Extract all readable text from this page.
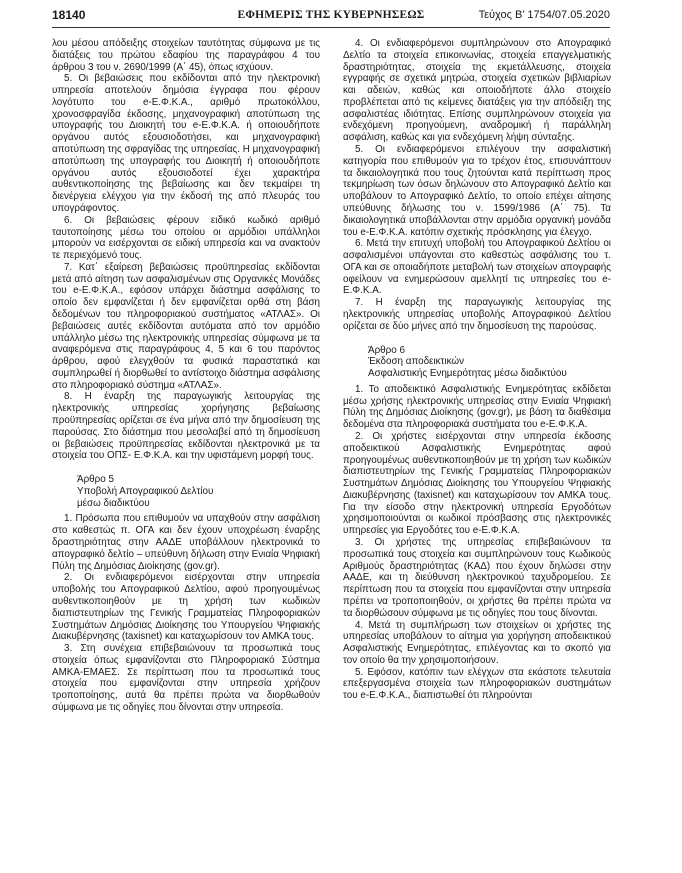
18140	ΕΦΗΜΕΡΙΣ ΤΗΣ ΚΥΒΕΡΝΗΣΕΩΣ	Τεύχος Β’ 1754/07.05.2020

λου μέσου απόδειξης στοιχείων ταυτότητας σύμφωνα με τις διατάξεις του πρώτου εδαφίου της παραγράφου 4 του άρθρου 3 του ν. 2690/1999 (Α΄ 45), όπως ισχύουν.

5. Οι βεβαιώσεις που εκδίδονται από την ηλεκτρονική υπηρεσία αποτελούν δημόσια έγγραφα που φέρουν λογότυπο του e-Ε.Φ.Κ.Α., αριθμό πρωτοκόλλου, χρονοσφραγίδα έκδοσης, μηχανογραφική αποτύπωση της υπογραφής του Διοικητή του e-Ε.Φ.Κ.Α. ή οποιουδήποτε οργάνου αυτός εξουσιοδοτήσει, και μηχανογραφική αποτύπωση της σφραγίδας της υπηρεσίας. Η μηχανογραφική αποτύπωση της υπογραφής του Διοικητή ή οποιουδήποτε οργάνου αυτός εξουσιοδοτεί έχει χαρακτήρα αυθεντικοποίησης της βεβαίωσης και δεν τεκμαίρει τη διενέργεια ελέγχου για την έκδοσή της από πλευράς του υπογράφοντος.

6. Οι βεβαιώσεις φέρουν ειδικό κωδικό αριθμό ταυτοποίησης μέσω του οποίου οι αρμόδιοι υπάλληλοι μπορούν να εισέρχονται σε ειδική υπηρεσία και να ανακτούν τε περιεχόμενό τους.

7. Κατ΄ εξαίρεση βεβαιώσεις προϋπηρεσίας εκδίδονται μετά από αίτηση των ασφαλισμένων στις Οργανικές Μονάδες του e-Ε.Φ.Κ.Α., εφόσον υπάρχει διάστημα ασφάλισης το οποίο δεν εμφανίζεται ή δεν εμφανίζεται ορθά στη βάση δεδομένων του πληροφοριακού συστήματος «ΑΤΛΑΣ». Οι βεβαιώσεις αυτές εκδίδονται αυτόματα από τον αρμόδιο υπάλληλο μέσω της ηλεκτρονικής υπηρεσίας σύμφωνα με τα αναφερόμενα στις παραγράφους 4, 5 και 6 του παρόντος άρθρου, αφού ελεγχθούν τα φυσικά παραστατικά και συμπληρωθεί ή διορθωθεί το αντίστοιχο διάστημα ασφάλισης στο πληροφοριακό σύστημα «ΑΤΛΑΣ».

8. Η έναρξη της παραγωγικής λειτουργίας της ηλεκτρονικής υπηρεσίας χορήγησης βεβαίωσης προϋπηρεσίας ορίζεται σε ένα μήνα από την δημοσίευση της παρούσας. Στο διάστημα που μεσολαβεί από τη δημοσίευση οι βεβαιώσεις προϋπηρεσίας εκδίδονται ηλεκτρονικά με τα στοιχεία του ΟΠΣ- Ε.Φ.Κ.Α. και την υφιστάμενη μορφή τους.

Άρθρο 5
Υποβολή Απογραφικού Δελτίου
μέσω διαδικτύου

1. Πρόσωπα που επιθυμούν να υπαχθούν στην ασφάλιση στο καθεστώς π. ΟΓΑ και δεν έχουν υποχρέωση έναρξης δραστηριότητας στην ΑΑΔΕ υποβάλλουν ηλεκτρονικά το απογραφικό δελτίο – υπεύθυνη δήλωση στην Ενιαία Ψηφιακή Πύλη της Δημόσιας Διοίκησης (gov.gr).

2. Οι ενδιαφερόμενοι εισέρχονται στην υπηρεσία υποβολής του Απογραφικού Δελτίου, αφού προηγουμένως αυθεντικοποιηθούν με τη χρήση των κωδικών διαπιστευτηρίων της Γενικής Γραμματείας Πληροφοριακών Συστημάτων Δημόσιας Διοίκησης του Υπουργείου Ψηφιακής Διακυβέρνησης (taxisnet) και καταχωρίσουν τον ΑΜΚΑ τους.

3. Στη συνέχεια επιβεβαιώνουν τα προσωπικά τους στοιχεία όπως εμφανίζονται στο Πληροφοριακό Σύστημα ΑΜΚΑ-ΕΜΑΕΣ. Σε περίπτωση που τα προσωπικά τους στοιχεία που εμφανίζονται στην υπηρεσία χρήζουν τροποποίησης, αυτά θα πρέπει πρώτα να διορθωθούν σύμφωνα με τις οδηγίες που δίνονται στην υπηρεσία.

4. Οι ενδιαφερόμενοι συμπληρώνουν στο Απογραφικό Δελτίο τα στοιχεία επικοινωνίας, στοιχεία επαγγελματικής δραστηριότητας, στοιχεία της εκμετάλλευσης, στοιχεία εγγραφής σε σχετικά μητρώα, στοιχεία σχετικών βιβλιαρίων και αδειών, καθώς και οποιοδήποτε άλλο στοιχείο προβλέπεται από τις κείμενες διατάξεις για την απόδειξη της ασφαλιστέας ιδιότητας. Επίσης συμπληρώνουν στοιχεία για ενδεχόμενη προηγούμενη, αναδρομική ή παράλληλη ασφάλιση, καθώς και για ενδεχόμενη λήψη σύνταξης.

5. Οι ενδιαφερόμενοι επιλέγουν την ασφαλιστική κατηγορία που επιθυμούν για το τρέχον έτος, επισυνάπτουν τα δικαιολογητικά που τους ζητούνται κατά περίπτωση προς τεκμηρίωση των όσων δηλώνουν στο Απογραφικό Δελτίο και υποβάλουν το Απογραφικό Δελτίο, το οποίο επέχει αίτησης υπεύθυνης δήλωσης του ν. 1599/1986 (Α΄ 75). Τα δικαιολογητικά υποβάλλονται στην αρμόδια οργανική μονάδα του e-Ε.Φ.Κ.Α. κατόπιν σχετικής πρόσκλησης για έλεγχο.

6. Μετά την επιτυχή υποβολή του Απογραφικού Δελτίου οι ασφαλισμένοι υπάγονται στο καθεστώς ασφάλισης του τ. ΟΓΑ και σε οποιαδήποτε μεταβολή των στοιχείων απογραφής οφείλουν να ενημερώσουν αμελλητί τις υπηρεσίες του e-Ε.Φ.Κ.Α.

7. Η έναρξη της παραγωγικής λειτουργίας της ηλεκτρονικής υπηρεσίας υποβολής Απογραφικού Δελτίου ορίζεται σε δύο μήνες από την δημοσίευση της παρούσας.

Άρθρο 6
Έκδοση αποδεικτικών
Ασφαλιστικής Ενημερότητας μέσω διαδικτύου

1. Το αποδεικτικό Ασφαλιστικής Ενημερότητας εκδίδεται μέσω χρήσης ηλεκτρονικής υπηρεσίας στην Ενιαία Ψηφιακή Πύλη της Δημόσιας Διοίκησης (gov.gr), με βάση τα διαθέσιμα δεδομένα στα πληροφοριακά συστήματα του e-Ε.Φ.Κ.Α.

2. Οι χρήστες εισέρχονται στην υπηρεσία έκδοσης αποδεικτικού Ασφαλιστικής Ενημερότητας αφού προηγουμένως αυθεντικοποιηθούν με τη χρήση των κωδικών διαπιστευτηρίων της Γενικής Γραμματείας Πληροφοριακών Συστημάτων Δημόσιας Διοίκησης του Υπουργείου Ψηφιακής Διακυβέρνησης (taxisnet) και καταχωρίσουν τον ΑΜΚΑ τους. Για την είσοδο στην ηλεκτρονική υπηρεσία Εργοδότων χρησιμοποιούνται οι κωδικοί πρόσβασης στις ηλεκτρονικές υπηρεσίες για Εργοδότες του e-Ε.Φ.Κ.Α.

3. Οι χρήστες της υπηρεσίας επιβεβαιώνουν τα προσωπικά τους στοιχεία και συμπληρώνουν τους Κωδικούς Αριθμούς δραστηριότητας (ΚΑΔ) που έχουν δηλώσει στην ΑΑΔΕ, και τη διεύθυνση ηλεκτρονικού ταχυδρομείου. Σε περίπτωση που τα στοιχεία που εμφανίζονται στην υπηρεσία πρέπει να τροποποιηθούν, οι χρήστες θα πρέπει πρώτα να τα διορθώσουν σύμφωνα με τις οδηγίες που τους δίνονται.

4. Μετά τη συμπλήρωση των στοιχείων οι χρήστες της υπηρεσίας υποβάλουν το αίτημα για χορήγηση αποδεικτικού Ασφαλιστικής Ενημερότητας, επιλέγοντας και το σκοπό για τον οποίο θα την χρησιμοποιήσουν.

5. Εφόσον, κατόπιν των ελέγχων στα εκάστοτε τελευταία επεξεργασμένα στοιχεία των πληροφοριακών συστημάτων του e-Ε.Φ.Κ.Α., διαπιστωθεί ότι πληρούνται
